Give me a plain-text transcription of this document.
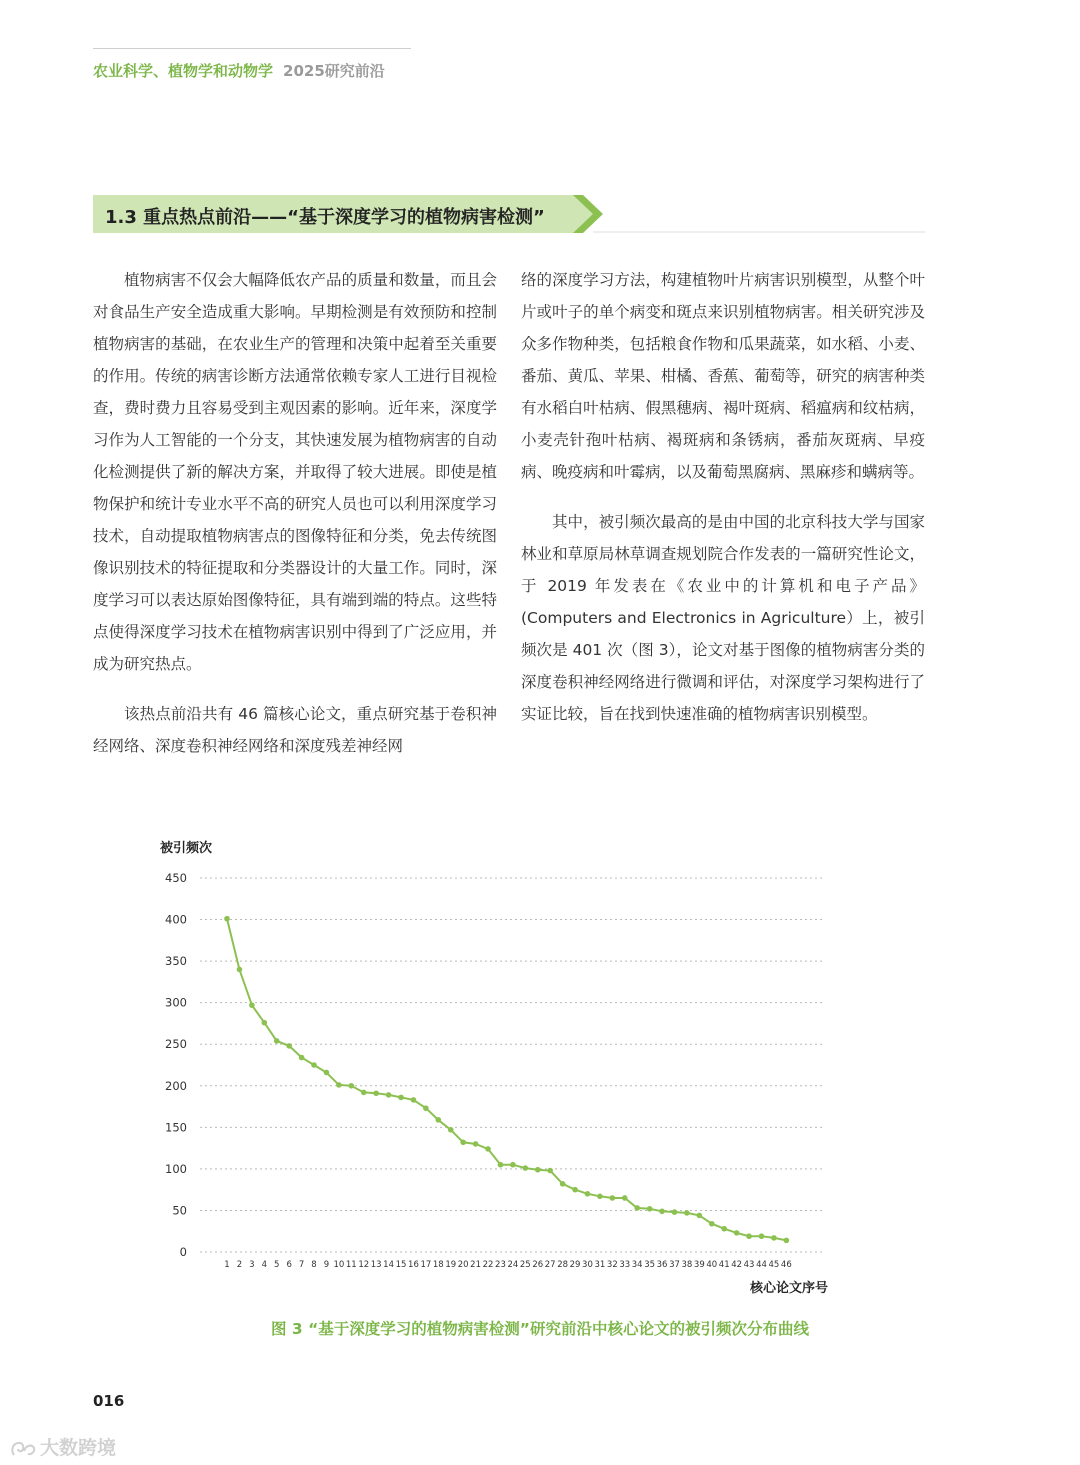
农业科学、植物学和动物学 2025研究前沿
1.3 重点热点前沿——“基于深度学习的植物病害检测”

植物病害不仅会大幅降低农产品的质量和数量，而且会对食品生产安全造成重大影响。早期检测是有效预防和控制植物病害的基础，在农业生产的管理和决策中起着至关重要的作用。传统的病害诊断方法通常依赖专家人工进行目视检查，费时费力且容易受到主观因素的影响。近年来，深度学习作为人工智能的一个分支，其快速发展为植物病害的自动化检测提供了新的解决方案，并取得了较大进展。即使是植物保护和统计专业水平不高的研究人员也可以利用深度学习技术，自动提取植物病害点的图像特征和分类，免去传统图像识别技术的特征提取和分类器设计的大量工作。同时，深度学习可以表达原始图像特征，具有端到端的特点。这些特点使得深度学习技术在植物病害识别中得到了广泛应用，并成为研究热点。

该热点前沿共有 46 篇核心论文，重点研究基于卷积神经网络、深度卷积神经网络和深度残差神经网

络的深度学习方法，构建植物叶片病害识别模型，从整个叶片或叶子的单个病变和斑点来识别植物病害。相关研究涉及众多作物种类，包括粮食作物和瓜果蔬菜，如水稻、小麦、番茄、黄瓜、苹果、柑橘、香蕉、葡萄等，研究的病害种类有水稻白叶枯病、假黑穗病、褐叶斑病、稻瘟病和纹枯病，小麦壳针孢叶枯病、褐斑病和条锈病，番茄灰斑病、早疫病、晚疫病和叶霉病，以及葡萄黑腐病、黑麻疹和螨病等。

其中，被引频次最高的是由中国的北京科技大学与国家林业和草原局林草调查规划院合作发表的一篇研究性论文，于 2019 年发表在《农业中的计算机和电子产品》(Computers and Electronics in Agriculture）上，被引频次是 401 次（图 3），论文对基于图像的植物病害分类的深度卷积神经网络进行微调和评估，对深度学习架构进行了实证比较，旨在找到快速准确的植物病害识别模型。

0
50
100
150
200
250
300
350
400
450
1 2 3 4 5 6 7 8 9 10 11 12 13 14 15 16 17 18 19 20 21 22 23 24 25 26 27 28 29 30 31 32 33 34 35 36 37 38 39 40 41 42 43 44 45 46
被引频次
核心论文序号
图 3 “基于深度学习的植物病害检测”研究前沿中核心论文的被引频次分布曲线
016
大数跨境
